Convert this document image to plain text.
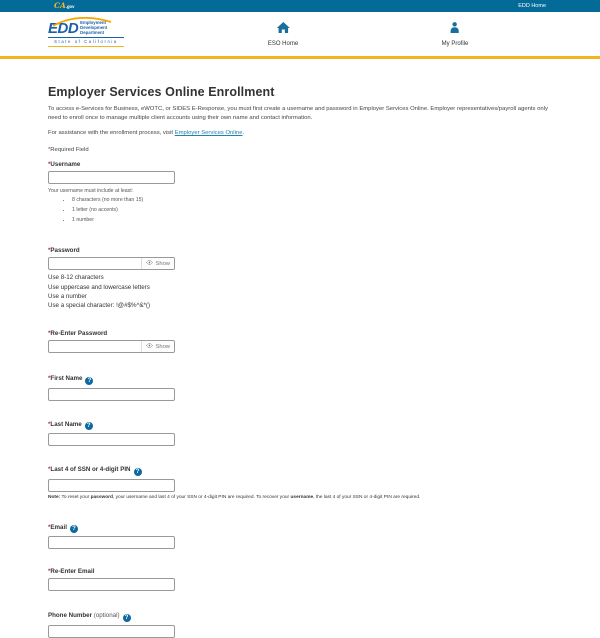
CA.gov	EDD Home
EDD Employment
Development
Department
State of California	ESO Home	My Profile
Employer Services Online Enrollment

To access e-Services for Business, eWOTC, or SIDES E-Response, you must first create a username and password in Employer Services Online. Employer representatives/payroll agents only need to enroll once to manage multiple client accounts using their own name and contact information.

For assistance with the enrollment process, visit Employer Services Online.

*Required Field

*Username
Your username must include at least:
• 8 characters (no more than 15)
• 1 letter (no accents)
• 1 number
*Password
Show
Use 8-12 characters
Use uppercase and lowercase letters
Use a number
Use a special character: !@#$%^&*()
*Re-Enter Password
Show
*First Name ?
*Last Name ?
*Last 4 of SSN or 4-digit PIN ?
Note: To reset your password, your username and last 4 of your SSN or 4-digit PIN are required. To recover your username, the last 4 of your SSN or 4-digit PIN are required.
*Email ?
*Re-Enter Email
Phone Number (optional) ?
